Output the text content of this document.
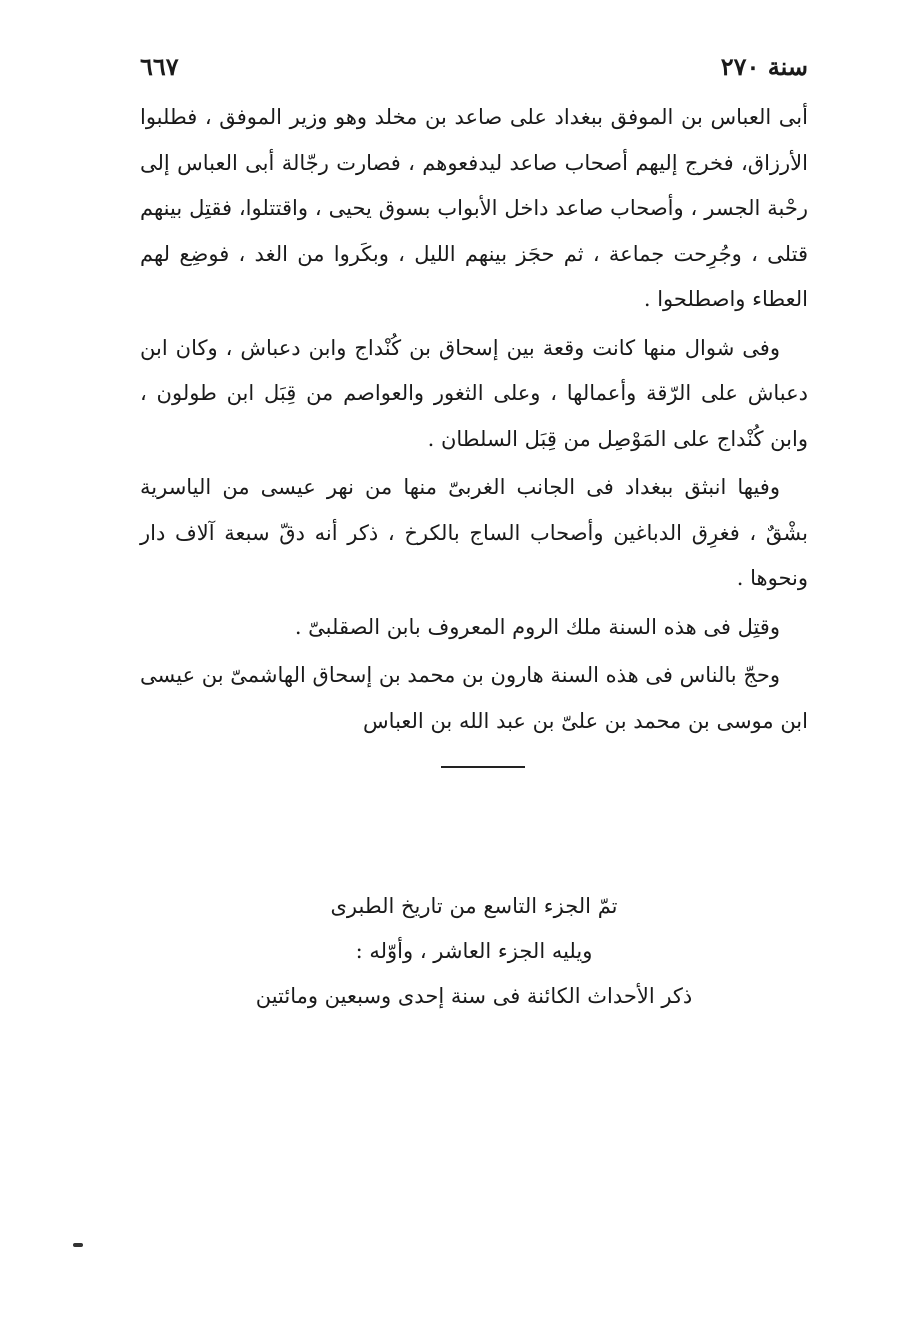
سنة ٢٧٠
٦٦٧

أبى العباس بن الموفق ببغداد على صاعد بن مخلد وهو وزير الموفق ، فطلبوا الأرزاق، فخرج إليهم أصحاب صاعد ليدفعوهم ، فصارت رجّالة أبى العباس إلى رحْبة الجسر ، وأصحاب صاعد داخل الأبواب بسوق يحيى ، واقتتلوا، فقتِل بينهم قتلى ، وجُرِحت جماعة ، ثم حجَز بينهم الليل ، وبكَروا من الغد ، فوضِع لهم العطاء واصطلحوا .

وفى شوال منها كانت وقعة بين إسحاق بن كُنْداج وابن دعباش ، وكان ابن دعباش على الرّقة وأعمالها ، وعلى الثغور والعواصم من قِبَل ابن طولون ، وابن كُنْداج على المَوْصِل من قِبَل السلطان .

وفيها انبثق ببغداد فى الجانب الغربىّ منها من نهر عيسى من الياسرية بشْقٌ ، فغرِق الدباغين وأصحاب الساج بالكرخ ، ذكر أنه دقّ سبعة آلاف دار ونحوها .

وقتِل فى هذه السنة ملك الروم المعروف بابن الصقلبىّ .

وحجّ بالناس فى هذه السنة هارون بن محمد بن إسحاق الهاشمىّ بن عيسى ابن موسى بن محمد بن علىّ بن عبد الله بن العباس

تمّ الجزء التاسع من تاريخ الطبرى
ويليه الجزء العاشر ، وأوّله :
ذكر الأحداث الكائنة فى سنة إحدى وسبعين ومائتين
